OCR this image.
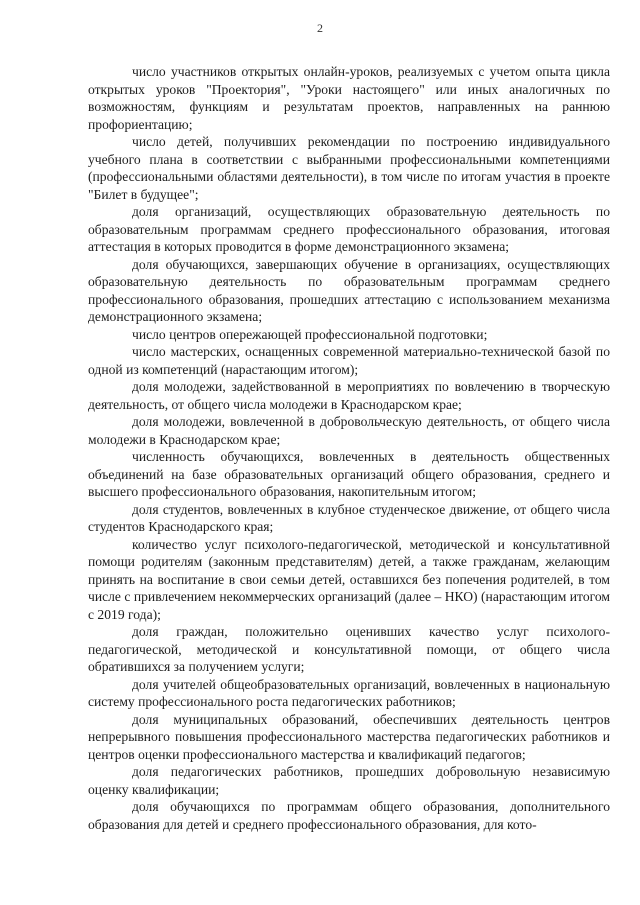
2

число участников открытых онлайн-уроков, реализуемых с учетом опыта цикла открытых уроков "Проектория", "Уроки настоящего" или иных аналогичных по возможностям, функциям и результатам проектов, направленных на раннюю профориентацию;

число детей, получивших рекомендации по построению индивидуального учебного плана в соответствии с выбранными профессиональными компетенциями (профессиональными областями деятельности), в том числе по итогам участия в проекте "Билет в будущее";

доля организаций, осуществляющих образовательную деятельность по образовательным программам среднего профессионального образования, итоговая аттестация в которых проводится в форме демонстрационного экзамена;

доля обучающихся, завершающих обучение в организациях, осуществляющих образовательную деятельность по образовательным программам среднего профессионального образования, прошедших аттестацию с использованием механизма демонстрационного экзамена;

число центров опережающей профессиональной подготовки;

число мастерских, оснащенных современной материально-технической базой по одной из компетенций (нарастающим итогом);

доля молодежи, задействованной в мероприятиях по вовлечению в творческую деятельность, от общего числа молодежи в Краснодарском крае;

доля молодежи, вовлеченной в добровольческую деятельность, от общего числа молодежи в Краснодарском крае;

численность обучающихся, вовлеченных в деятельность общественных объединений на базе образовательных организаций общего образования, среднего и высшего профессионального образования, накопительным итогом;

доля студентов, вовлеченных в клубное студенческое движение, от общего числа студентов Краснодарского края;

количество услуг психолого-педагогической, методической и консультативной помощи родителям (законным представителям) детей, а также гражданам, желающим принять на воспитание в свои семьи детей, оставшихся без попечения родителей, в том числе с привлечением некоммерческих организаций (далее – НКО) (нарастающим итогом с 2019 года);

доля граждан, положительно оценивших качество услуг психолого-педагогической, методической и консультативной помощи, от общего числа обратившихся за получением услуги;

доля учителей общеобразовательных организаций, вовлеченных в национальную систему профессионального роста педагогических работников;

доля муниципальных образований, обеспечивших деятельность центров непрерывного повышения профессионального мастерства педагогических работников и центров оценки профессионального мастерства и квалификаций педагогов;

доля педагогических работников, прошедших добровольную независимую оценку квалификации;

доля обучающихся по программам общего образования, дополнительного образования для детей и среднего профессионального образования, для кото-
